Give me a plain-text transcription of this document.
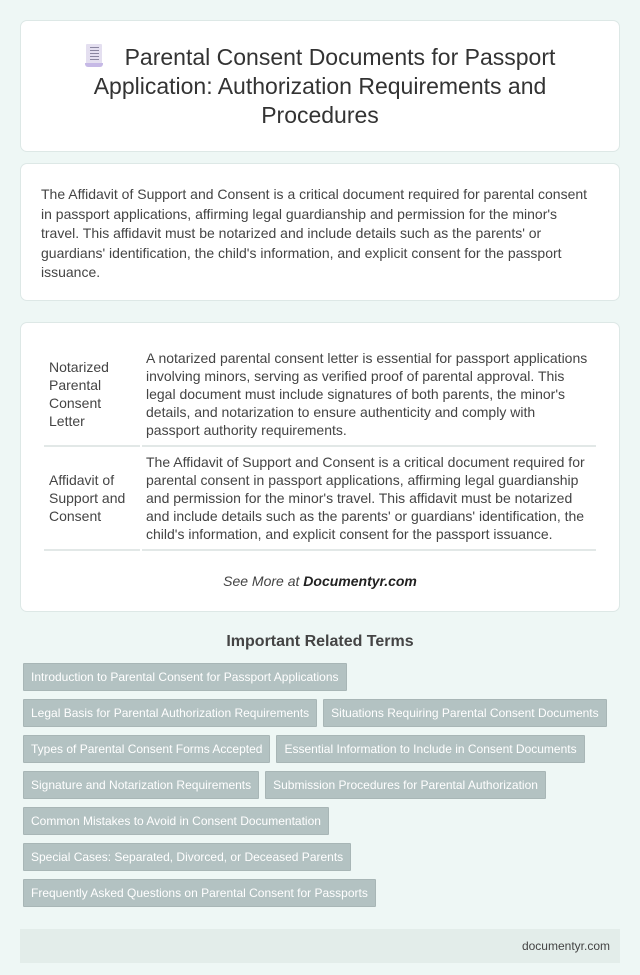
Parental Consent Documents for Passport Application: Authorization Requirements and Procedures

The Affidavit of Support and Consent is a critical document required for parental consent in passport applications, affirming legal guardianship and permission for the minor's travel. This affidavit must be notarized and include details such as the parents' or guardians' identification, the child's information, and explicit consent for the passport issuance.

Notarized Parental Consent Letter	A notarized parental consent letter is essential for passport applications involving minors, serving as verified proof of parental approval. This legal document must include signatures of both parents, the minor's details, and notarization to ensure authenticity and comply with passport authority requirements.
Affidavit of Support and Consent	The Affidavit of Support and Consent is a critical document required for parental consent in passport applications, affirming legal guardianship and permission for the minor's travel. This affidavit must be notarized and include details such as the parents' or guardians' identification, the child's information, and explicit consent for the passport issuance.

See More at Documentyr.com

Important Related Terms
Introduction to Parental Consent for Passport Applications
Legal Basis for Parental Authorization Requirements	Situations Requiring Parental Consent Documents
Types of Parental Consent Forms Accepted	Essential Information to Include in Consent Documents
Signature and Notarization Requirements	Submission Procedures for Parental Authorization
Common Mistakes to Avoid in Consent Documentation
Special Cases: Separated, Divorced, or Deceased Parents
Frequently Asked Questions on Parental Consent for Passports
documentyr.com
